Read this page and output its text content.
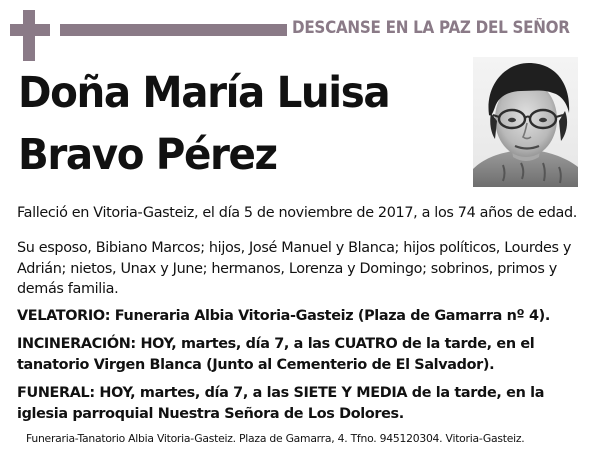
DESCANSE EN LA PAZ DEL SEÑOR
Doña María Luisa
Bravo Pérez
Falleció en Vitoria-Gasteiz, el día 5 de noviembre de 2017, a los 74 años de edad.
Su esposo, Bibiano Marcos; hijos, José Manuel y Blanca; hijos políticos, Lourdes y Adrián; nietos, Unax y June; hermanos, Lorenza y Domingo; sobrinos, primos y demás familia.
VELATORIO: Funeraria Albia Vitoria-Gasteiz (Plaza de Gamarra nº 4).
INCINERACIÓN: HOY, martes, día 7, a las CUATRO de la tarde, en el tanatorio Virgen Blanca (Junto al Cementerio de El Salvador).
FUNERAL: HOY, martes, día 7, a las SIETE Y MEDIA de la tarde, en la iglesia parroquial Nuestra Señora de Los Dolores.
Funeraria-Tanatorio Albia Vitoria-Gasteiz. Plaza de Gamarra, 4. Tfno. 945120304. Vitoria-Gasteiz.
